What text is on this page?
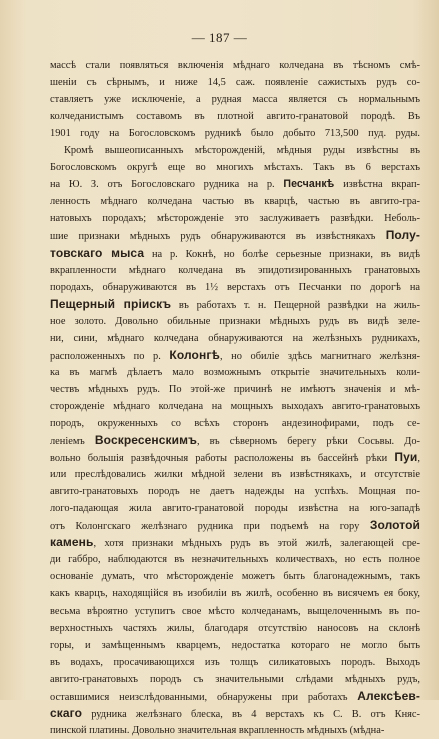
— 187 —
массѣ стали появляться включенія мѣднаго колчедана въ тѣсномъ смѣ-
шеніи съ сѣрнымъ, и ниже 14,5 саж. появленіе сажистыхъ рудъ со-
ставляетъ уже исключеніе, а рудная масса является съ нормальнымъ
колчеданистымъ составомъ въ плотной авгито-гранатовой породѣ. Въ
1901 году на Богословскомъ рудникѣ было добыто 713,500 пуд. руды.
Кромѣ вышеописанныхъ мѣсторожденій, мѣдныя руды извѣстны въ
Богословскомъ округѣ еще во многихъ мѣстахъ. Такъ въ 6 верстахъ
на Ю. З. отъ Богословскаго рудника на р. Песчанкѣ извѣстна вкрап-
ленность мѣднаго колчедана частью въ кварцѣ, частью въ авгито-гра-
натовыхъ породахъ; мѣсторожденіе это заслуживаетъ развѣдки. Неболь-
шие признаки мѣдныхъ рудъ обнаруживаются въ извѣстнякахъ Полу-
товскаго мыса на р. Кокнѣ, но болѣе серьезные признаки, въ видѣ
вкрапленности мѣднаго колчедана въ эпидотизированныхъ гранатовыхъ
породахъ, обнаруживаются въ 1½ верстахъ отъ Песчанки по дорогѣ на
Пещерный пріискъ въ работахъ т. н. Пещерной развѣдки на жиль-
ное золото. Довольно обильные признаки мѣдныхъ рудъ въ видѣ зеле-
ни, сини, мѣднаго колчедана обнаруживаются на желѣзныхъ рудникахъ,
расположенныхъ по р. Колонгѣ, но обиліе здѣсь магнитнаго желѣзня-
ка въ магмѣ дѣлаетъ мало возможнымъ открытіе значительныхъ коли-
чествъ мѣдныхъ рудъ. По этой-же причинѣ не имѣютъ значенія и мѣ-
сторожденіе мѣднаго колчедана на мощныхъ выходахъ авгито-гранатовыхъ
породъ, окруженныхъ со всѣхъ сторонъ андезинофирами, подъ се-
леніемъ Воскресенскимъ, въ сѣверномъ берегу рѣки Сосьвы. До-
вольно большія развѣдочныя работы расположены въ бассейнѣ рѣки Пуи,
или преслѣдовались жилки мѣдной зелени въ извѣстнякахъ, и отсутствіе
авгито-гранатовыхъ породъ не даетъ надежды на успѣхъ. Мощная по-
лого-падающая жила авгито-гранатовой породы извѣстна на юго-западѣ
отъ Колонгскаго желѣзнаго рудника при подъемѣ на гору Золотой
камень, хотя признаки мѣдныхъ рудъ въ этой жилѣ, залегающей сре-
ди габбро, наблюдаются въ незначительныхъ количествахъ, но есть полное
основаніе думать, что мѣсторожденіе можетъ быть благонадежнымъ, такъ
какъ кварцъ, находящійся въ изобиліи въ жилѣ, особенно въ висячемъ ея боку,
весьма вѣроятно уступитъ свое мѣсто колчеданамъ, выщелоченнымъ въ по-
верхностныхъ частяхъ жилы, благодаря отсутствію наносовъ на склонѣ
горы, и замѣщеннымъ кварцемъ, недостатка котораго не могло быть
въ водахъ, просачивающихся изъ толщъ силикатовыхъ породъ. Выходъ
авгито-гранатовыхъ породъ съ значительными слѣдами мѣдныхъ рудъ,
оставшимися неизслѣдованными, обнаружены при работахъ Алексѣев-
скаго рудника желѣзнаго блеска, въ 4 верстахъ къ С. В. отъ Княс-
пинской платины. Довольно значительная вкрапленность мѣдныхъ (мѣдна-
